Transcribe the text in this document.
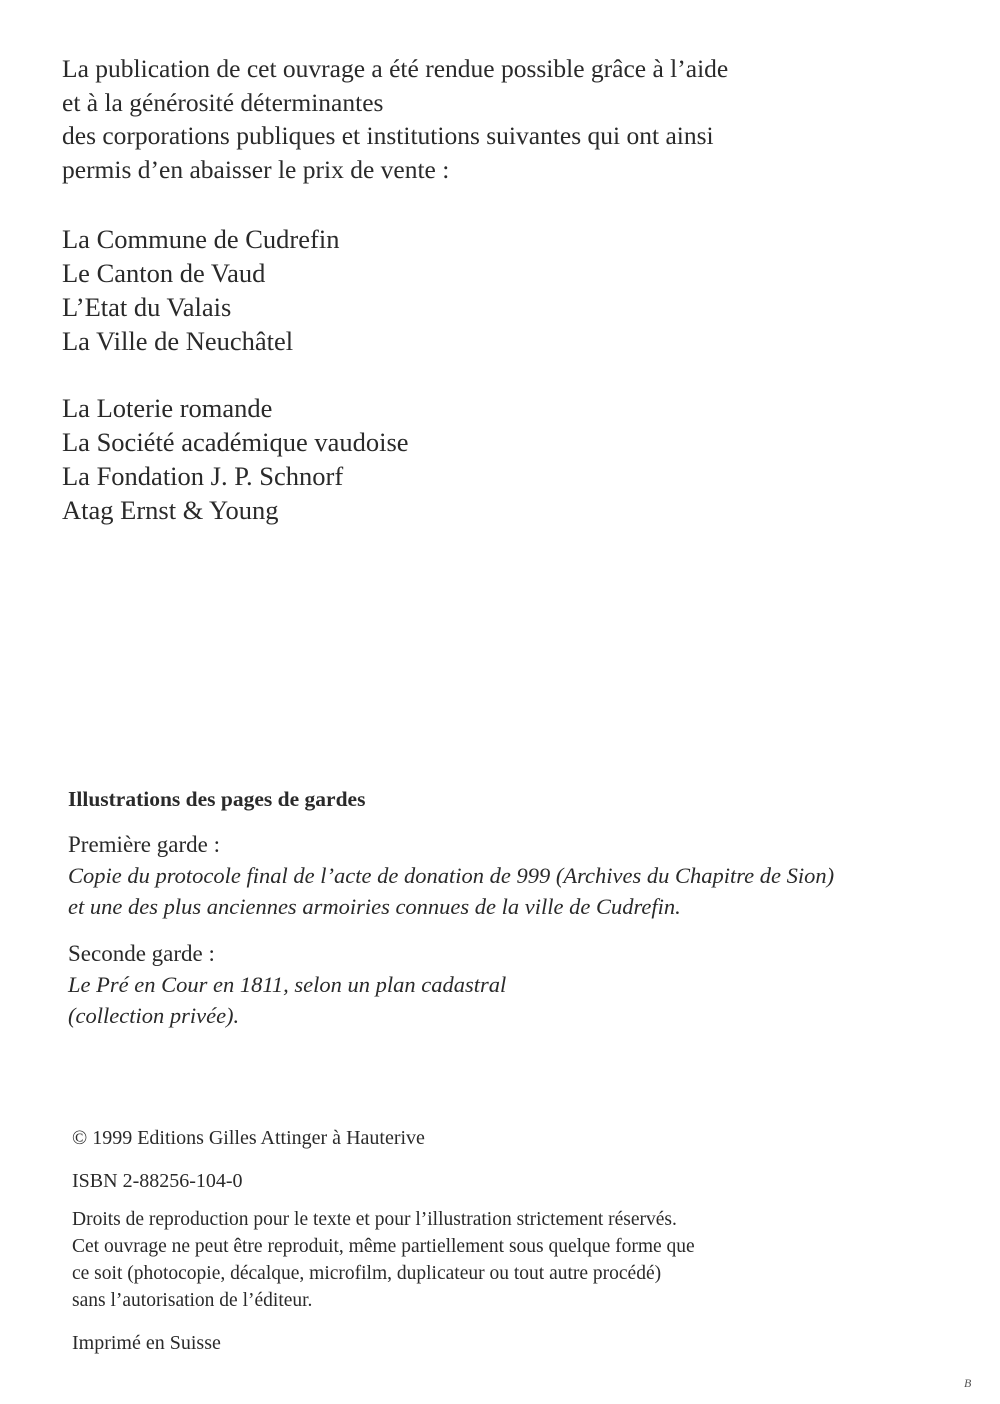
La publication de cet ouvrage a été rendue possible grâce à l’aide
et à la générosité déterminantes
des corporations publiques et institutions suivantes qui ont ainsi
permis d’en abaisser le prix de vente :
La Commune de Cudrefin
Le Canton de Vaud
L’Etat du Valais
La Ville de Neuchâtel
La Loterie romande
La Société académique vaudoise
La Fondation J. P. Schnorf
Atag Ernst & Young
Illustrations des pages de gardes
Première garde :
Copie du protocole final de l’acte de donation de 999 (Archives du Chapitre de Sion)
et une des plus anciennes armoiries connues de la ville de Cudrefin.
Seconde garde :
Le Pré en Cour en 1811, selon un plan cadastral
(collection privée).
© 1999 Editions Gilles Attinger à Hauterive
ISBN 2-88256-104-0
Droits de reproduction pour le texte et pour l’illustration strictement réservés.
Cet ouvrage ne peut être reproduit, même partiellement sous quelque forme que
ce soit (photocopie, décalque, microfilm, duplicateur ou tout autre procédé)
sans l’autorisation de l’éditeur.
Imprimé en Suisse
B
